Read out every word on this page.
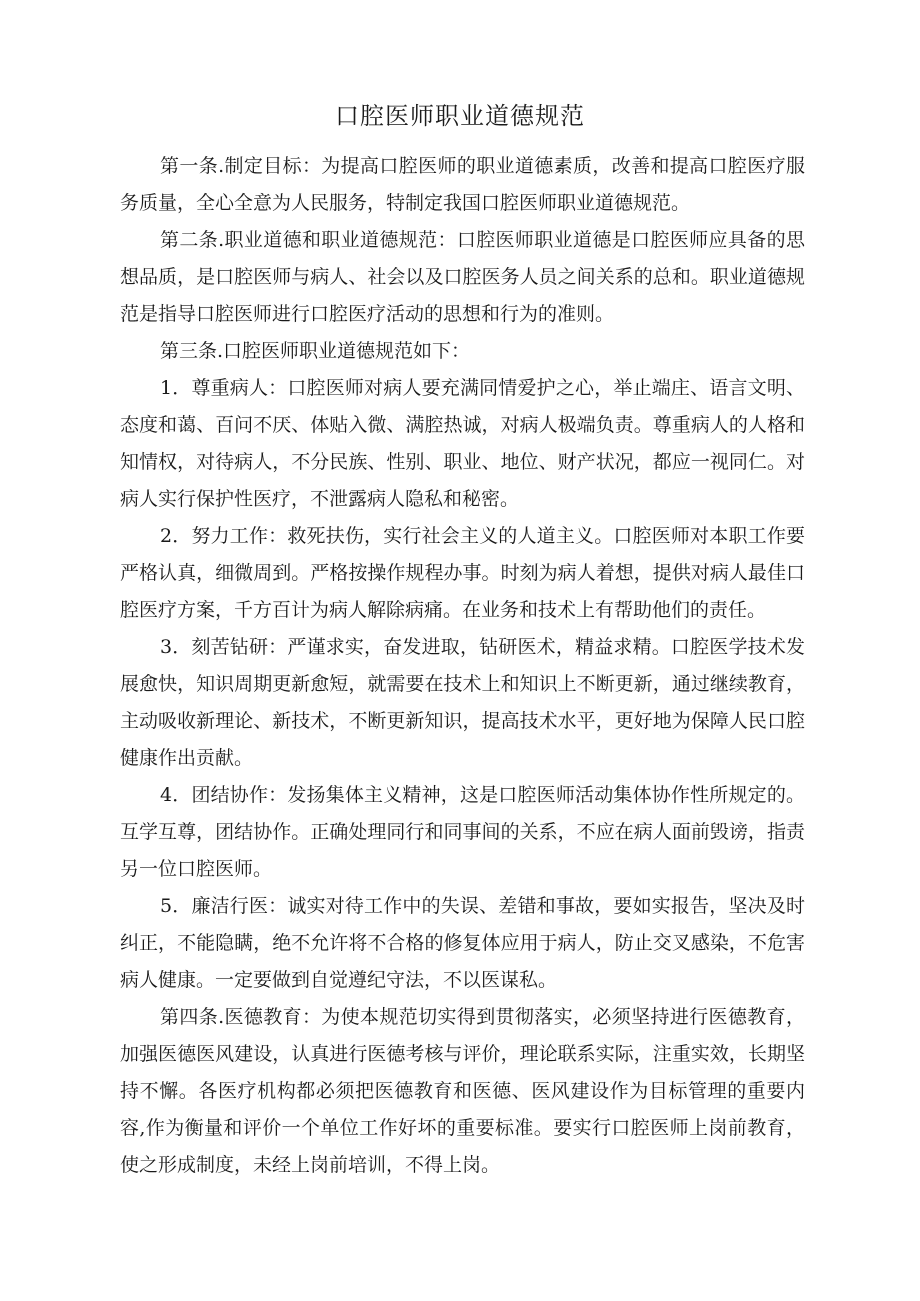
口腔医师职业道德规范

第一条.制定目标：为提高口腔医师的职业道德素质，改善和提高口腔医疗服务质量，全心全意为人民服务，特制定我国口腔医师职业道德规范。

第二条.职业道德和职业道德规范：口腔医师职业道德是口腔医师应具备的思想品质，是口腔医师与病人、社会以及口腔医务人员之间关系的总和。职业道德规范是指导口腔医师进行口腔医疗活动的思想和行为的准则。

第三条.口腔医师职业道德规范如下：

1．尊重病人：口腔医师对病人要充满同情爱护之心，举止端庄、语言文明、态度和蔼、百问不厌、体贴入微、满腔热诚，对病人极端负责。尊重病人的人格和知情权，对待病人，不分民族、性别、职业、地位、财产状况，都应一视同仁。对病人实行保护性医疗，不泄露病人隐私和秘密。

2．努力工作：救死扶伤，实行社会主义的人道主义。口腔医师对本职工作要严格认真，细微周到。严格按操作规程办事。时刻为病人着想，提供对病人最佳口腔医疗方案，千方百计为病人解除病痛。在业务和技术上有帮助他们的责任。

3．刻苦钻研：严谨求实，奋发进取，钻研医术，精益求精。口腔医学技术发展愈快，知识周期更新愈短，就需要在技术上和知识上不断更新，通过继续教育，主动吸收新理论、新技术，不断更新知识，提高技术水平，更好地为保障人民口腔健康作出贡献。

4．团结协作：发扬集体主义精神，这是口腔医师活动集体协作性所规定的。互学互尊，团结协作。正确处理同行和同事间的关系，不应在病人面前毁谤，指责另一位口腔医师。

5．廉洁行医：诚实对待工作中的失误、差错和事故，要如实报告，坚决及时纠正，不能隐瞒，绝不允许将不合格的修复体应用于病人，防止交叉感染，不危害病人健康。一定要做到自觉遵纪守法，不以医谋私。

第四条.医德教育：为使本规范切实得到贯彻落实，必须坚持进行医德教育，加强医德医风建设，认真进行医德考核与评价，理论联系实际，注重实效，长期坚持不懈。各医疗机构都必须把医德教育和医德、医风建设作为目标管理的重要内容,作为衡量和评价一个单位工作好坏的重要标准。要实行口腔医师上岗前教育，使之形成制度，未经上岗前培训，不得上岗。
